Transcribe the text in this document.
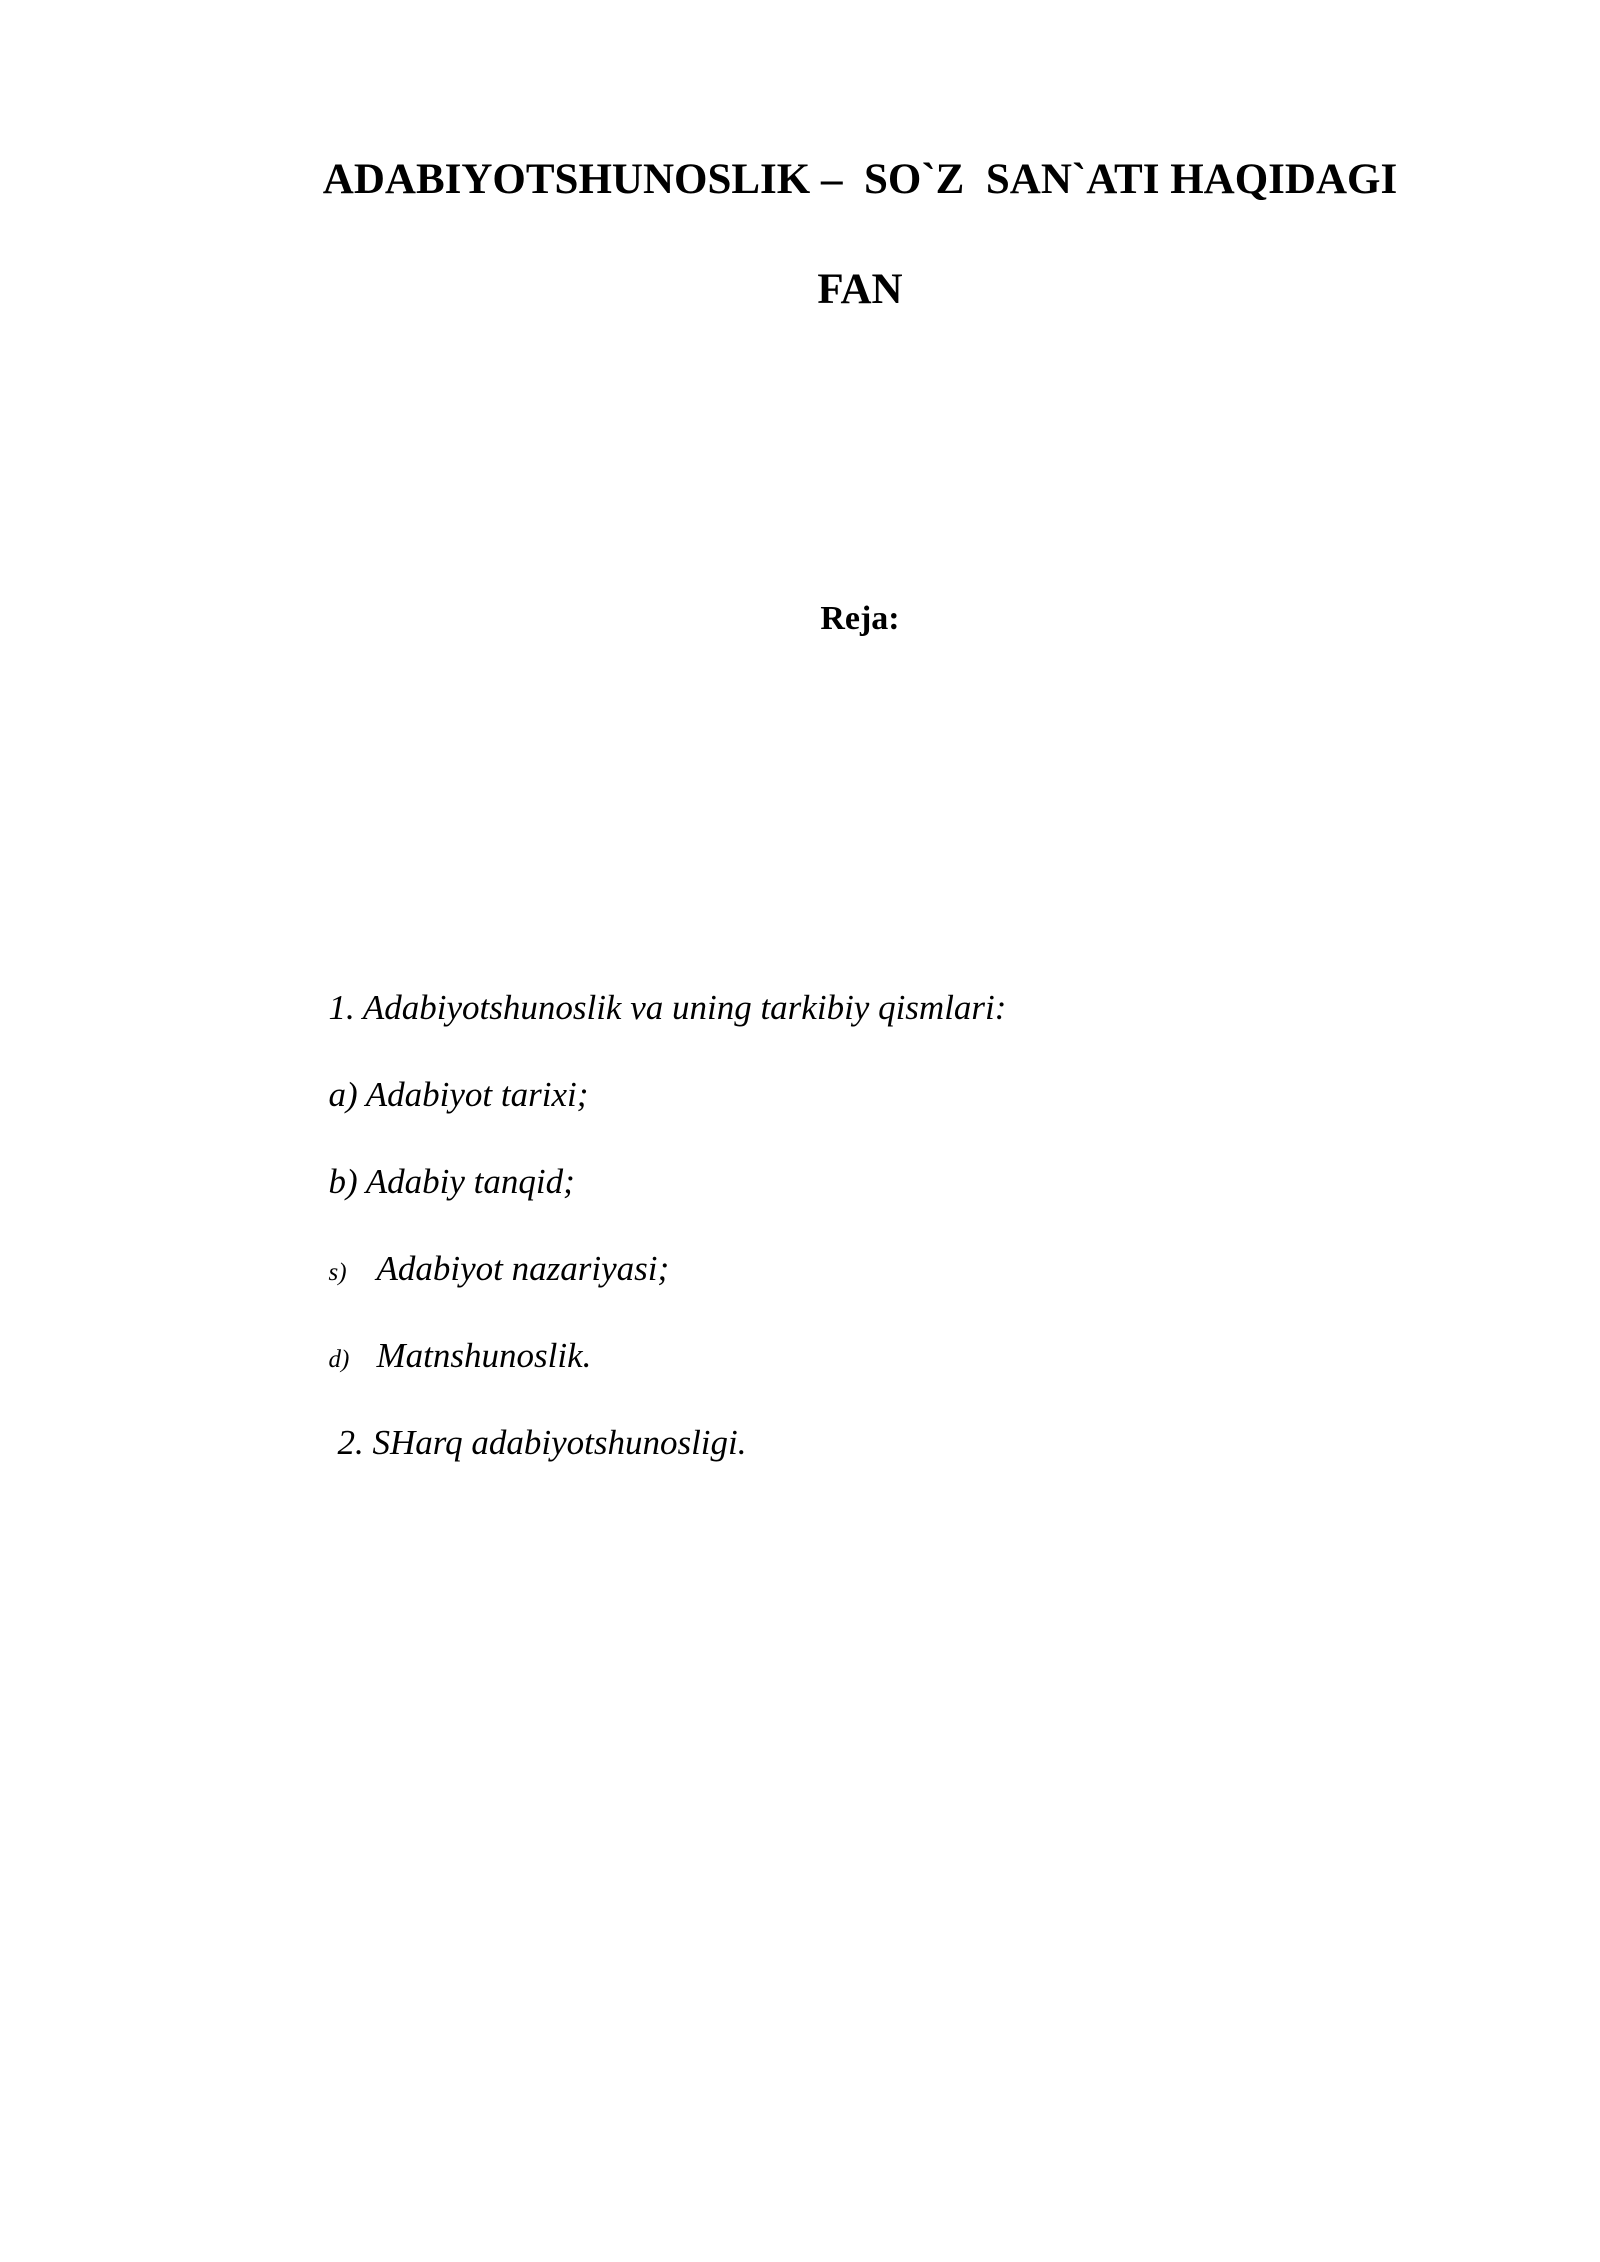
ADABIYOTSHUNOSLIK –  SO`Z  SAN`ATI HAQIDAGI
FAN
Reja:

1. Adabiyotshunoslik va uning tarkibiy qismlari:

a) Adabiyot tarixi;

b) Adabiy tanqid;

s) Adabiyot nazariyasi;

d) Matnshunoslik.

2. SHarq adabiyotshunosligi.
